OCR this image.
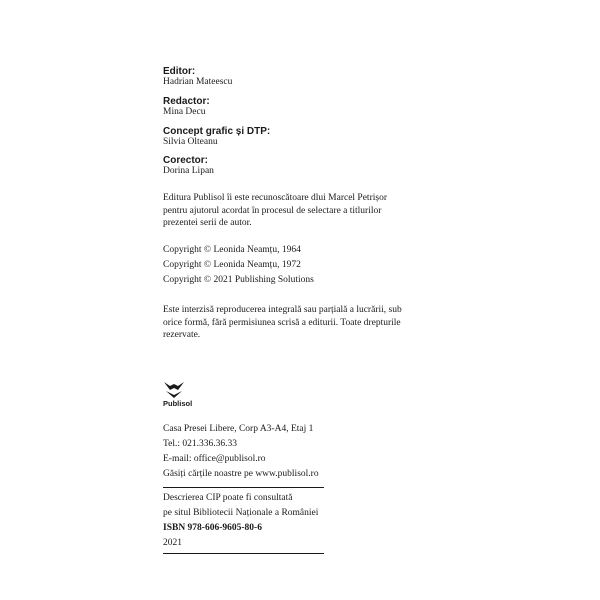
Editor:
Hadrian Mateescu
Redactor:
Mina Decu
Concept grafic și DTP:
Silvia Olteanu
Corector:
Dorina Lipan
Editura Publisol îi este recunoscătoare dlui Marcel Petrișor pentru ajutorul acordat în procesul de selectare a titlurilor prezentei serii de autor.
Copyright © Leonida Neamțu, 1964
Copyright © Leonida Neamțu, 1972
Copyright © 2021 Publishing Solutions
Este interzisă reproducerea integrală sau parțială a lucrării, sub orice formă, fără permisiunea scrisă a editurii. Toate drepturile rezervate.
Publisol
Casa Presei Libere, Corp A3-A4, Etaj 1
Tel.: 021.336.36.33
E-mail: office@publisol.ro
Găsiți cărțile noastre pe www.publisol.ro
Descrierea CIP poate fi consultată
pe situl Bibliotecii Naționale a României
ISBN 978-606-9605-80-6
2021
